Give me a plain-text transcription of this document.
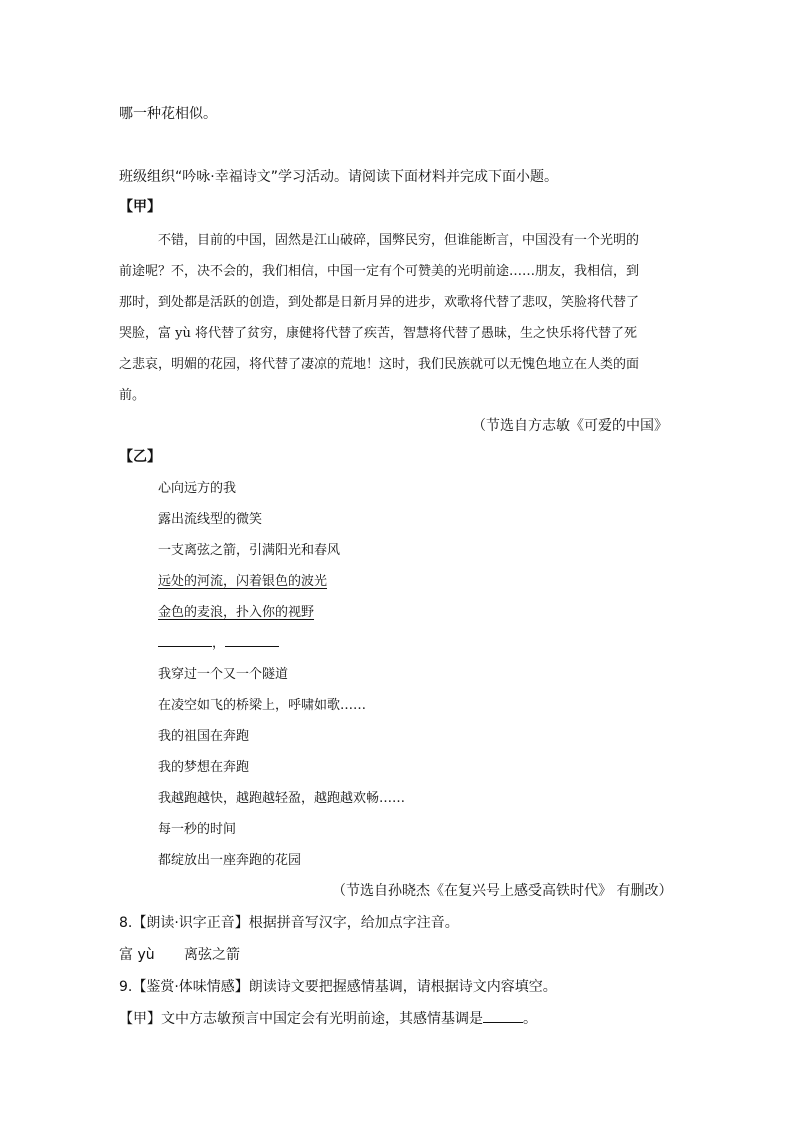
哪一种花相似。
班级组织“吟咏·幸福诗文”学习活动。请阅读下面材料并完成下面小题。
【甲】
不错，目前的中国，固然是江山破碎，国弊民穷，但谁能断言，中国没有一个光明的
前途呢？不，决不会的，我们相信，中国一定有个可赞美的光明前途……朋友，我相信，到
那时，到处都是活跃的创造，到处都是日新月异的进步，欢歌将代替了悲叹，笑脸将代替了
哭脸，富 yù 将代替了贫穷，康健将代替了疾苦，智慧将代替了愚昧，生之快乐将代替了死
之悲哀，明媚的花园，将代替了凄凉的荒地！这时，我们民族就可以无愧色地立在人类的面
前。
（节选自方志敏《可爱的中国》
【乙】
心向远方的我
露出流线型的微笑
一支离弦之箭，引满阳光和春风
远处的河流，闪着银色的波光
金色的麦浪，扑入你的视野
，
我穿过一个又一个隧道
在凌空如飞的桥梁上，呼啸如歌……
我的祖国在奔跑
我的梦想在奔跑
我越跑越快，越跑越轻盈，越跑越欢畅……
每一秒的时间
都绽放出一座奔跑的花园
（节选自孙晓杰《在复兴号上感受高铁时代》 有删改）
8.【朗读·识字正音】根据拼音写汉字，给加点字注音。
富 yù 离弦之箭
9.【鉴赏·体味情感】朗读诗文要把握感情基调，请根据诗文内容填空。
【甲】文中方志敏预言中国定会有光明前途，其感情基调是	。
